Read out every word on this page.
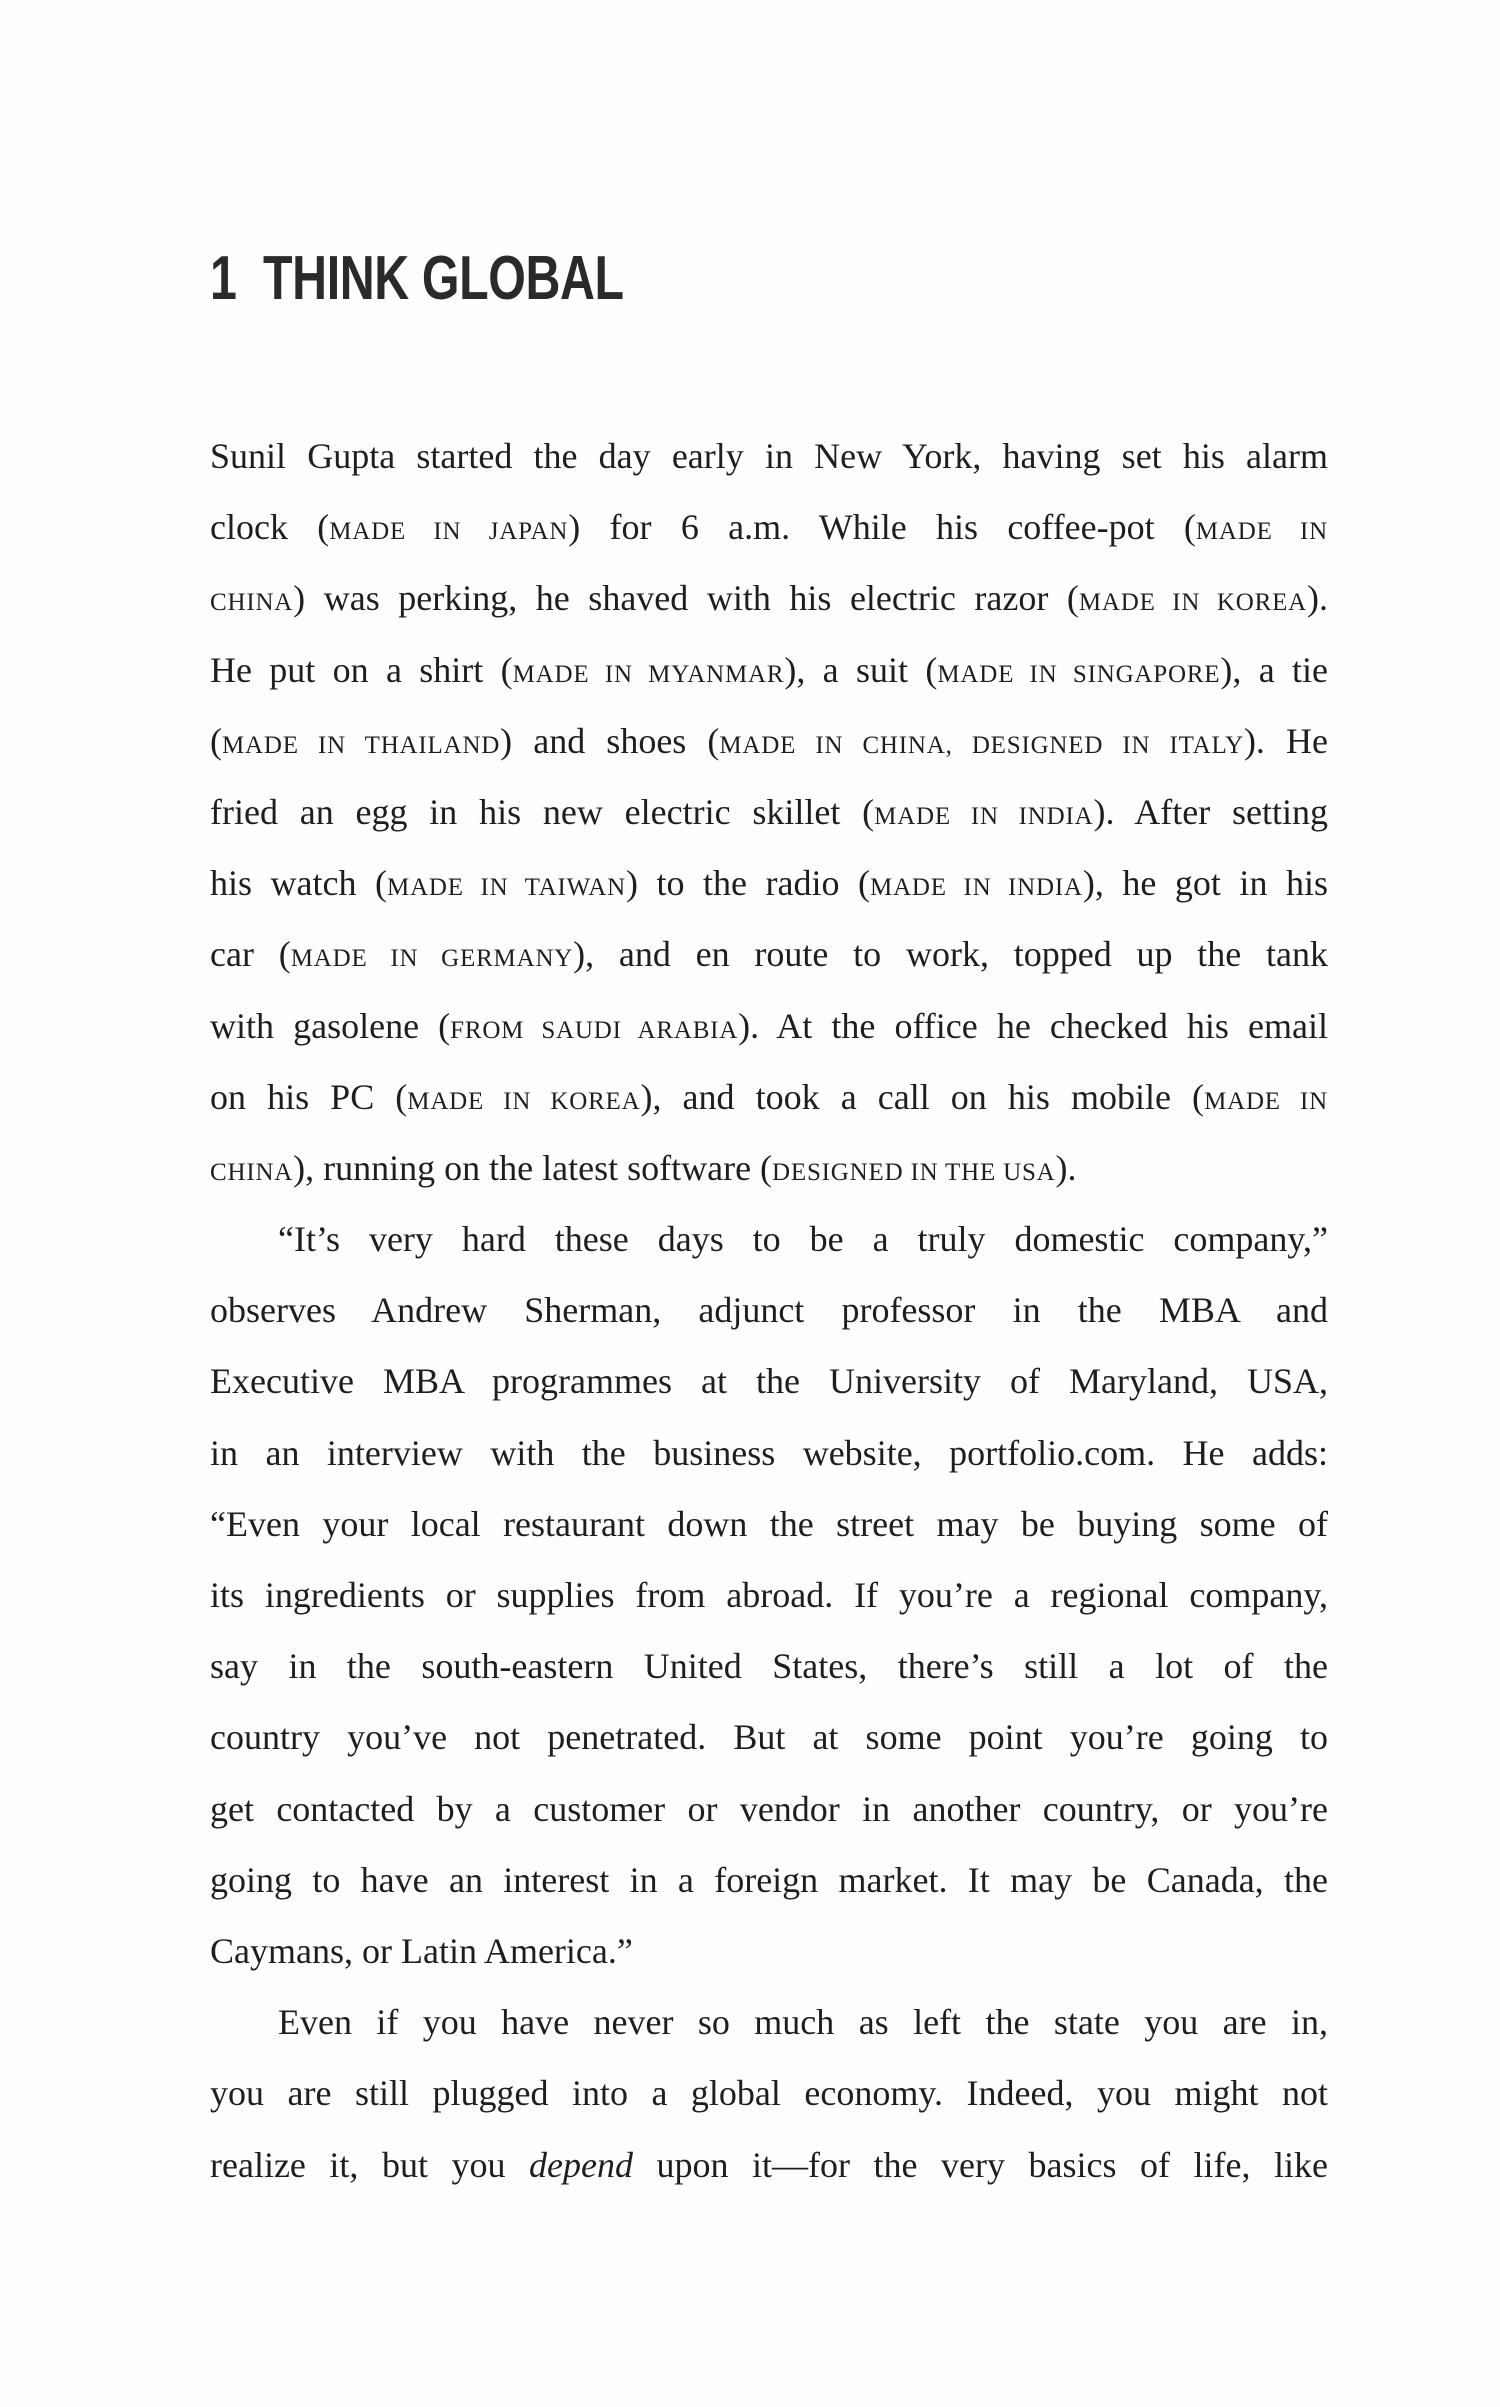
1 THINK GLOBAL
Sunil Gupta started the day early in New York, having set his alarm
clock (MADE IN JAPAN) for 6 a.m. While his coffee-pot (MADE IN
CHINA) was perking, he shaved with his electric razor (MADE IN KOREA).
He put on a shirt (MADE IN MYANMAR), a suit (MADE IN SINGAPORE), a tie
(MADE IN THAILAND) and shoes (MADE IN CHINA, DESIGNED IN ITALY). He
fried an egg in his new electric skillet (MADE IN INDIA). After setting
his watch (MADE IN TAIWAN) to the radio (MADE IN INDIA), he got in his
car (MADE IN GERMANY), and en route to work, topped up the tank
with gasolene (FROM SAUDI ARABIA). At the office he checked his email
on his PC (MADE IN KOREA), and took a call on his mobile (MADE IN
CHINA), running on the latest software (DESIGNED IN THE USA).
“It’s very hard these days to be a truly domestic company,”
observes Andrew Sherman, adjunct professor in the MBA and
Executive MBA programmes at the University of Maryland, USA,
in an interview with the business website, portfolio.com. He adds:
“Even your local restaurant down the street may be buying some of
its ingredients or supplies from abroad. If you’re a regional company,
say in the south-eastern United States, there’s still a lot of the
country you’ve not penetrated. But at some point you’re going to
get contacted by a customer or vendor in another country, or you’re
going to have an interest in a foreign market. It may be Canada, the
Caymans, or Latin America.”
Even if you have never so much as left the state you are in,
you are still plugged into a global economy. Indeed, you might not
realize it, but you depend upon it—for the very basics of life, like
